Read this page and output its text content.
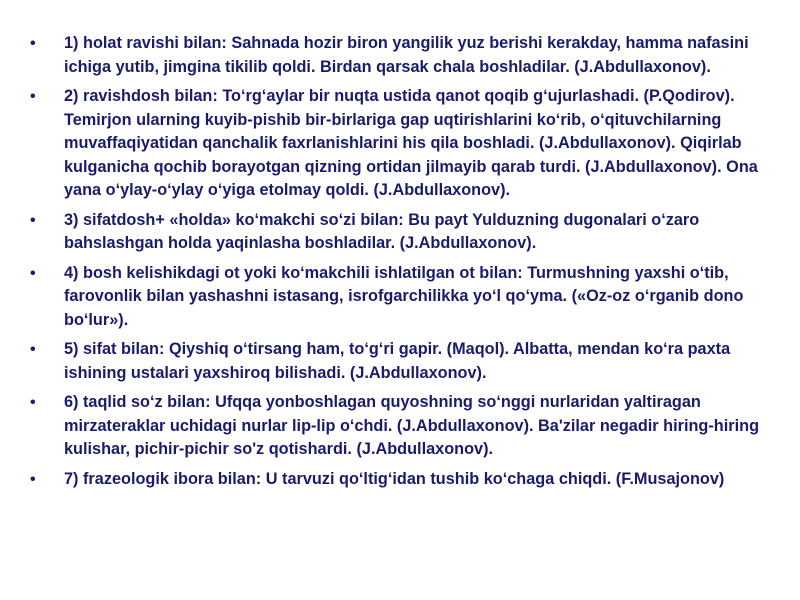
•	1) holat ravishi bilan: Sahnada hozir biron yangilik yuz berishi kerakday, hamma nafasini ichiga yutib, jimgina tikilib qoldi. Birdan qarsak chala boshladilar. (J.Abdullaxonov).
•	2) ravishdosh bilan: To‘rg‘aylar bir nuqta ustida qanot qoqib g‘ujurlashadi. (P.Qodirov). Temirjon ularning kuyib-pishib bir-birlariga gap uqtirishlarini ko‘rib, o‘qituvchilarning muvaffaqiyatidan qanchalik faxrlanishlarini his qila boshladi. (J.Abdullaxonov). Qiqirlab kulganicha qochib borayotgan qizning ortidan jilmayib qarab turdi. (J.Abdullaxonov). Ona yana o‘ylay-o‘ylay o‘yiga etolmay qoldi. (J.Abdullaxonov).
•	3) sifatdosh+ «holda» ko‘makchi so‘zi bilan: Bu payt Yulduzning dugonalari o‘zaro bahslashgan holda yaqinlasha boshladilar. (J.Abdullaxonov).
•	4) bosh kelishikdagi ot yoki ko‘makchili ishlatilgan ot bilan: Turmushning yaxshi o‘tib, farovonlik bilan yashashni istasang, isrofgarchilikka yo‘l qo‘yma. («Oz-oz o‘rganib dono bo‘lur»).
•	5) sifat bilan: Qiyshiq o‘tirsang ham, to‘g‘ri gapir. (Maqol). Albatta, mendan ko‘ra paxta ishining ustalari yaxshiroq bilishadi. (J.Abdullaxonov).
•	6) taqlid so‘z bilan: Ufqqa yonboshlagan quyoshning so‘nggi nurlaridan yaltiragan mirzateraklar uchidagi nurlar lip-lip o‘chdi. (J.Abdullaxonov). Ba'zilar negadir hiring-hiring kulishar, pichir-pichir so'z qotishardi. (J.Abdullaxonov).
•	7) frazeologik ibora bilan: U tarvuzi qo‘ltig‘idan tushib ko‘chaga chiqdi. (F.Musajonov)
